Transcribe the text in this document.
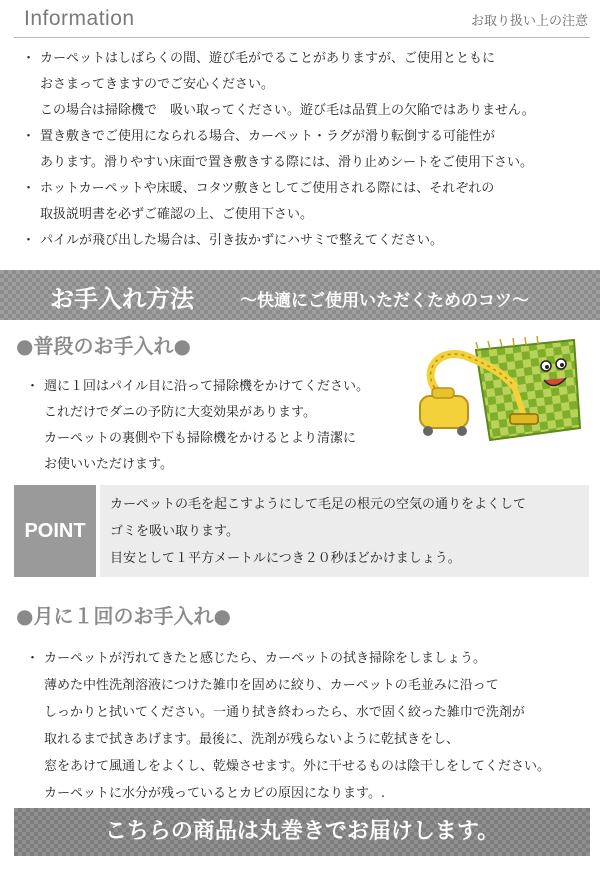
Information	お取り扱い上の注意
・ カーペットはしばらくの間、遊び毛がでることがありますが、ご使用とともに
おさまってきますのでご安心ください。
この場合は掃除機で　吸い取ってください。遊び毛は品質上の欠陥ではありません。
・ 置き敷きでご使用になられる場合、カーペット・ラグが滑り転倒する可能性が
あります。滑りやすい床面で置き敷きする際には、滑り止めシートをご使用下さい。
・ ホットカーペットや床暖、コタツ敷きとしてご使用される際には、それぞれの
取扱説明書を必ずご確認の上、ご使用下さい。
・ パイルが飛び出した場合は、引き抜かずにハサミで整えてください。
お手入れ方法	〜快適にご使用いただくためのコツ〜
●普段のお手入れ●
・ 週に１回はパイル目に沿って掃除機をかけてください。
これだけでダニの予防に大変効果があります。
カーペットの裏側や下も掃除機をかけるとより清潔に
お使いいただけます。
POINT
カーペットの毛を起こすようにして毛足の根元の空気の通りをよくして
ゴミを吸い取ります。
目安として１平方メートルにつき２０秒ほどかけましょう。
●月に１回のお手入れ●
・ カーペットが汚れてきたと感じたら、カーペットの拭き掃除をしましょう。
薄めた中性洗剤溶液につけた雑巾を固めに絞り、カーペットの毛並みに沿って
しっかりと拭いてください。一通り拭き終わったら、水で固く絞った雑巾で洗剤が
取れるまで拭きあげます。最後に、洗剤が残らないように乾拭きをし、
窓をあけて風通しをよくし、乾燥させます。外に干せるものは陰干しをしてください。
カーペットに水分が残っているとカビの原因になります。.
こちらの商品は丸巻きでお届けします。
